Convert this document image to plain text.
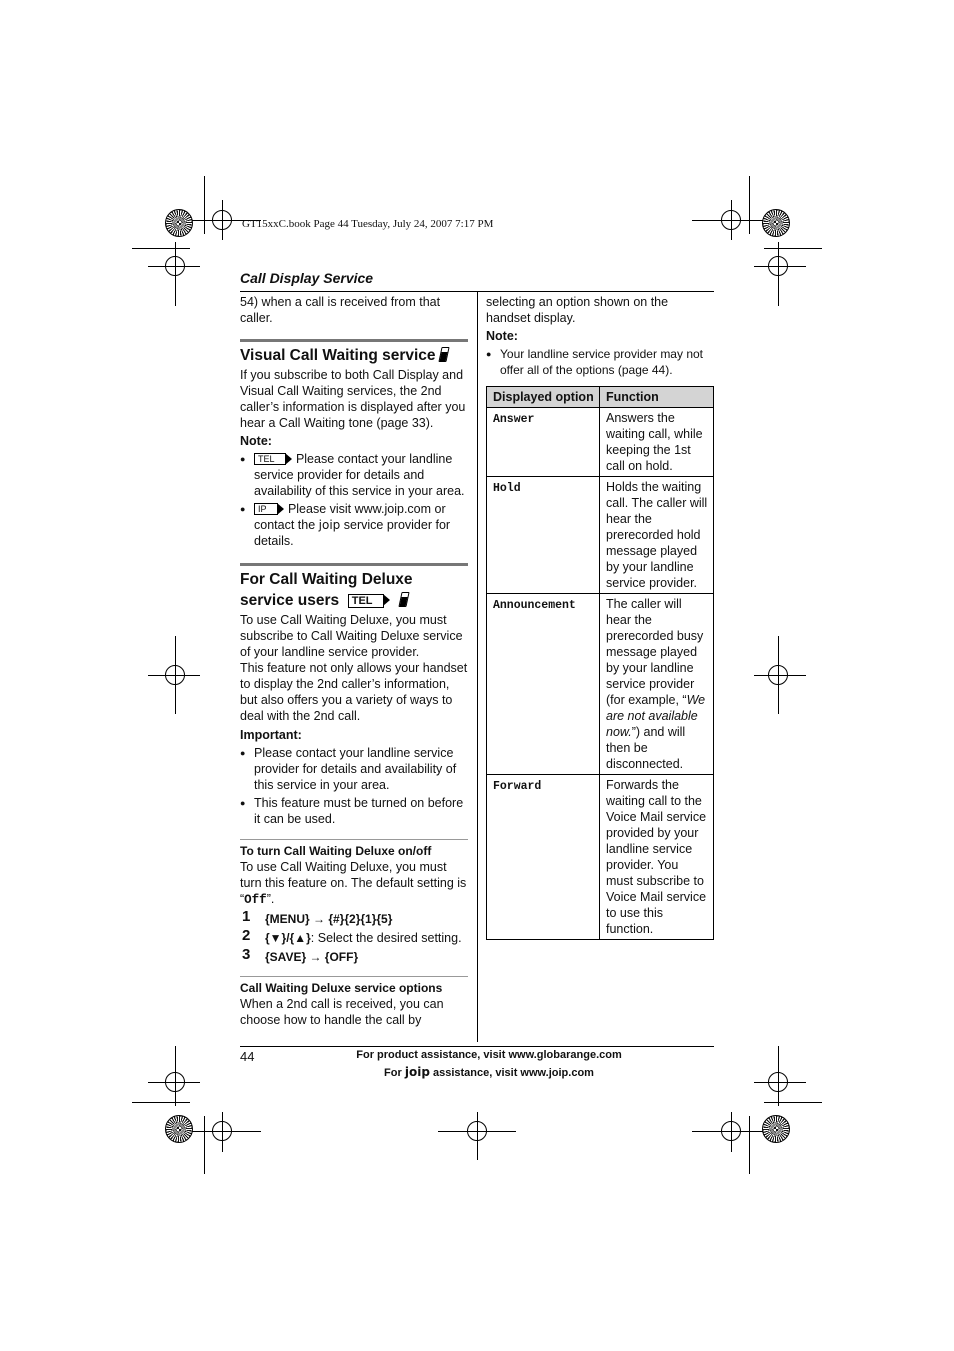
GT15xxC.book Page 44 Tuesday, July 24, 2007 7:17 PM
Call Display Service
54) when a call is received from that caller.
Visual Call Waiting service
If you subscribe to both Call Display and Visual Call Waiting services, the 2nd caller’s information is displayed after you hear a Call Waiting tone (page 33).
Note:
● TEL Please contact your landline service provider for details and availability of this service in your area.
● IP Please visit www.joip.com or contact the joip service provider for details.
For Call Waiting Deluxe
service users TEL
To use Call Waiting Deluxe, you must subscribe to Call Waiting Deluxe service of your landline service provider.
This feature not only allows your handset to display the 2nd caller’s information, but also offers you a variety of ways to deal with the 2nd call.
Important:
● Please contact your landline service provider for details and availability of this service in your area.
● This feature must be turned on before it can be used.
To turn Call Waiting Deluxe on/off
To use Call Waiting Deluxe, you must turn this feature on. The default setting is “Off”.
1 {MENU} → {#}{2}{1}{5}
2 {▼}/{▲}: Select the desired setting.
3 {SAVE} → {OFF}
Call Waiting Deluxe service options
When a 2nd call is received, you can choose how to handle the call by
selecting an option shown on the handset display.
Note:
● Your landline service provider may not offer all of the options (page 44).
Displayed option	Function
Answer	Answers the waiting call, while keeping the 1st call on hold.
Hold	Holds the waiting call. The caller will hear the prerecorded hold message played by your landline service provider.
Announcement	The caller will hear the prerecorded busy message played by your landline service provider (for example, “We are not available now.”) and will then be disconnected.
Forward	Forwards the waiting call to the Voice Mail service provided by your landline service provider. You must subscribe to Voice Mail service to use this function.
44	For product assistance, visit www.globarange.com
For joip assistance, visit www.joip.com
